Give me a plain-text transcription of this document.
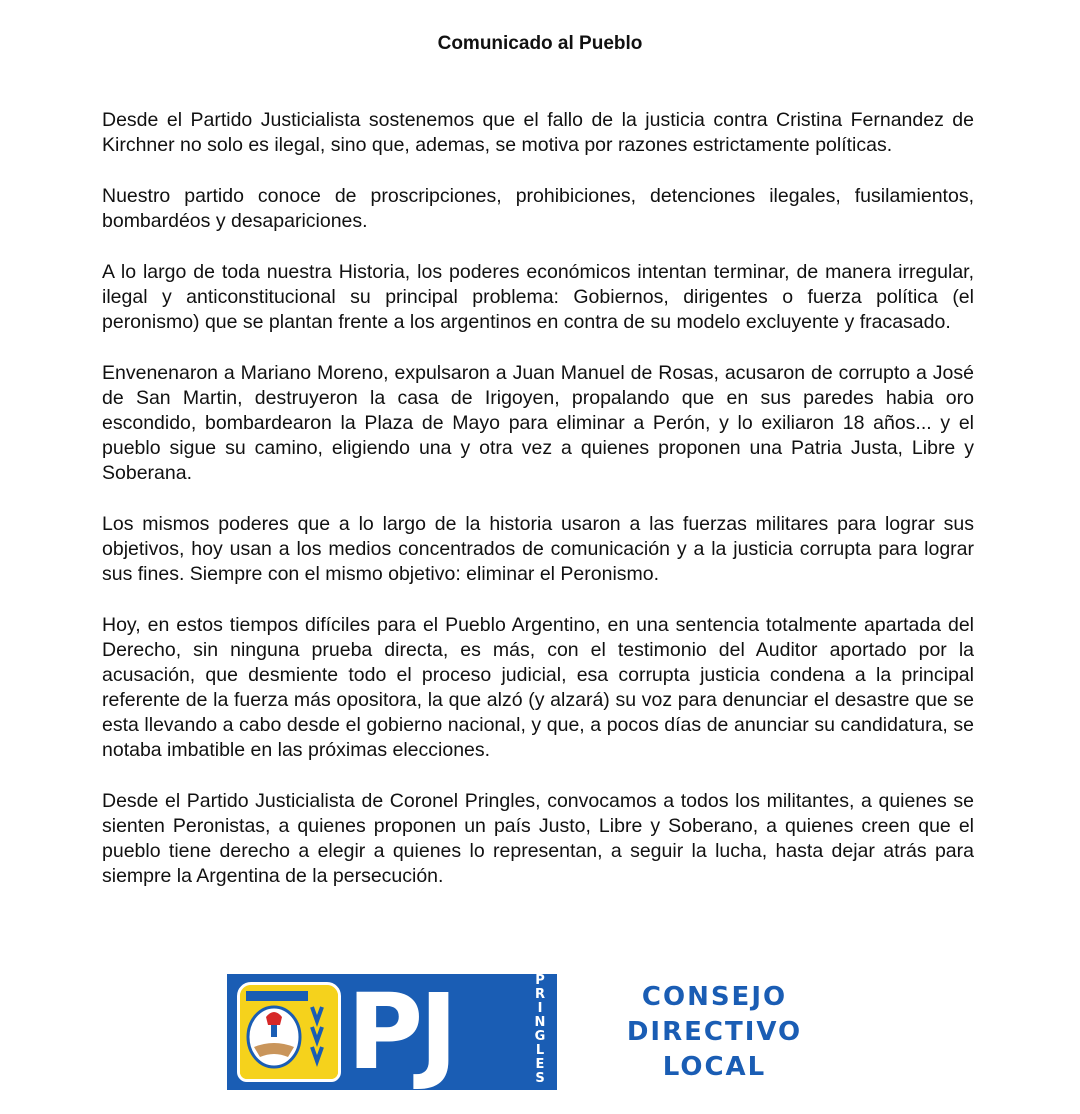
Comunicado al Pueblo

Desde el Partido Justicialista sostenemos que el fallo de la justicia contra Cristina Fernandez de Kirchner no solo es ilegal, sino que, ademas, se motiva por razones estrictamente políticas.

Nuestro partido conoce de proscripciones, prohibiciones, detenciones ilegales, fusilamientos, bombardéos y desapariciones.

A lo largo de toda nuestra Historia, los poderes económicos intentan terminar, de manera irregular, ilegal y anticonstitucional su principal problema: Gobiernos, dirigentes o fuerza política (el peronismo) que se plantan frente a los argentinos en contra de su modelo excluyente y fracasado.

Envenenaron a Mariano Moreno, expulsaron a Juan Manuel de Rosas, acusaron de corrupto a José de San Martin, destruyeron la casa de Irigoyen, propalando que en sus paredes habia oro escondido, bombardearon la Plaza de Mayo para eliminar a Perón, y lo exiliaron 18 años... y el pueblo sigue su camino, eligiendo una y otra vez a quienes proponen una Patria Justa, Libre y Soberana.

Los mismos poderes que a lo largo de la historia usaron a las fuerzas militares para lograr sus objetivos, hoy usan a los medios concentrados de comunicación y a la justicia corrupta para lograr sus fines. Siempre con el mismo objetivo: eliminar el Peronismo.

Hoy, en estos tiempos difíciles para el Pueblo Argentino, en una sentencia totalmente apartada del Derecho, sin ninguna prueba directa, es más, con el testimonio del Auditor aportado por la acusación, que desmiente todo el proceso judicial, esa corrupta justicia condena a la principal referente de la fuerza más opositora, la que alzó (y alzará) su voz para denunciar el desastre que se esta llevando a cabo desde el gobierno nacional, y que, a pocos días de anunciar su candidatura, se notaba imbatible en las próximas elecciones.

Desde el Partido Justicialista de Coronel Pringles, convocamos a todos los militantes, a quienes se sienten Peronistas, a quienes proponen un país Justo, Libre y Soberano, a quienes creen que el pueblo tiene derecho a elegir a quienes lo representan, a seguir la lucha, hasta dejar atrás para siempre la Argentina de la persecución.

PJ	P
R
I
N
G
L
E
S
CONSEJO
DIRECTIVO
LOCAL
